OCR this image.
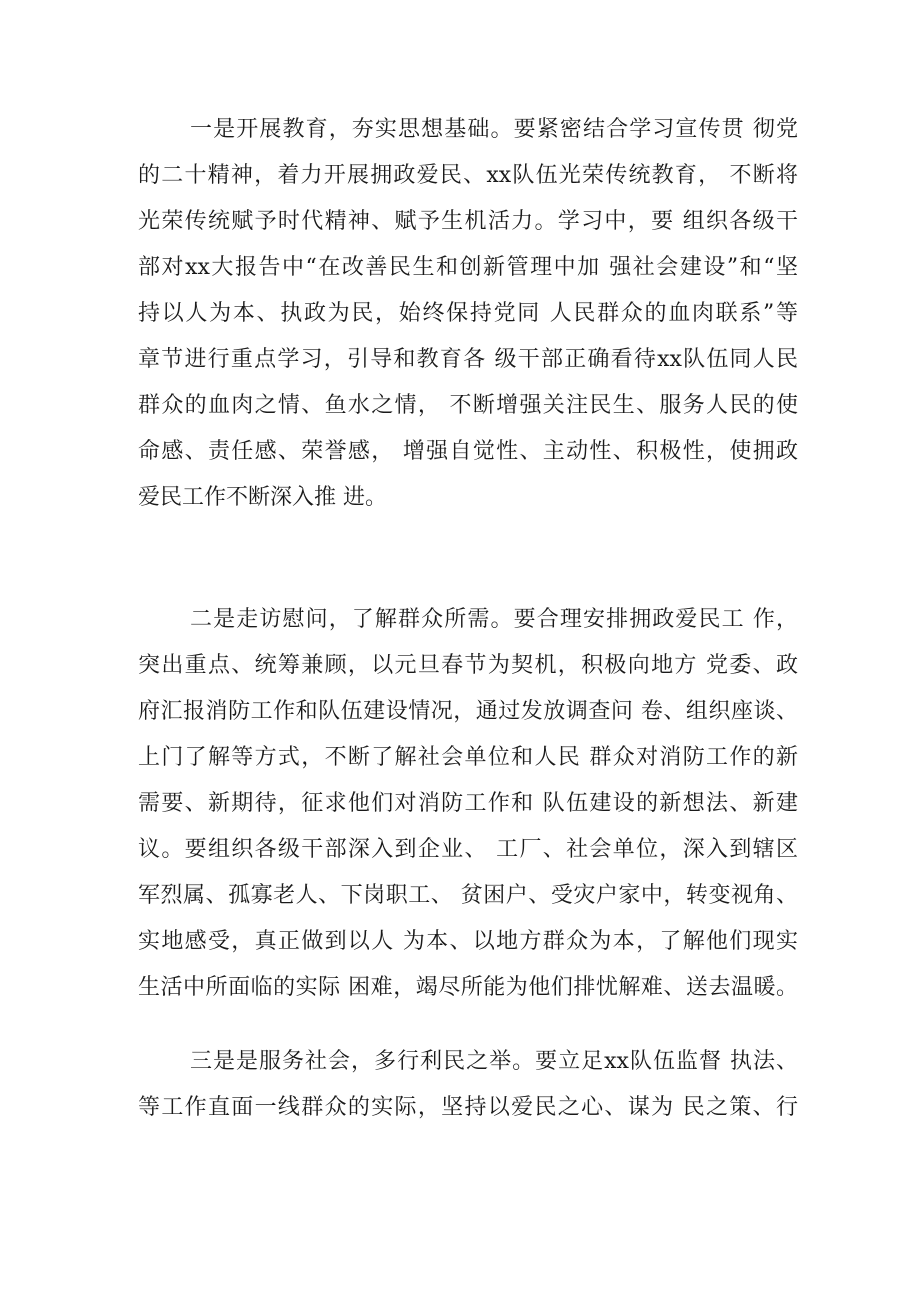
一是开展教育，夯实思想基础。要紧密结合学习宣传贯 彻党
的二十精神，着力开展拥政爱民、xx队伍光荣传统教育， 不断将
光荣传统赋予时代精神、赋予生机活力。学习中，要 组织各级干
部对xx大报告中“在改善民生和创新管理中加 强社会建设”和“坚
持以人为本、执政为民，始终保持党同 人民群众的血肉联系”等
章节进行重点学习，引导和教育各 级干部正确看待xx队伍同人民
群众的血肉之情、鱼水之情， 不断增强关注民生、服务人民的使
命感、责任感、荣誉感， 增强自觉性、主动性、积极性，使拥政
爱民工作不断深入推 进。
二是走访慰问，了解群众所需。要合理安排拥政爱民工 作，
突出重点、统筹兼顾，以元旦春节为契机，积极向地方 党委、政
府汇报消防工作和队伍建设情况，通过发放调查问 卷、组织座谈、
上门了解等方式，不断了解社会单位和人民 群众对消防工作的新
需要、新期待，征求他们对消防工作和 队伍建设的新想法、新建
议。要组织各级干部深入到企业、 工厂、社会单位，深入到辖区
军烈属、孤寡老人、下岗职工、 贫困户、受灾户家中，转变视角、
实地感受，真正做到以人 为本、以地方群众为本，了解他们现实
生活中所面临的实际 困难，竭尽所能为他们排忧解难、送去温暖。
三是是服务社会，多行利民之举。要立足xx队伍监督 执法、
等工作直面一线群众的实际，坚持以爱民之心、谋为 民之策、行
